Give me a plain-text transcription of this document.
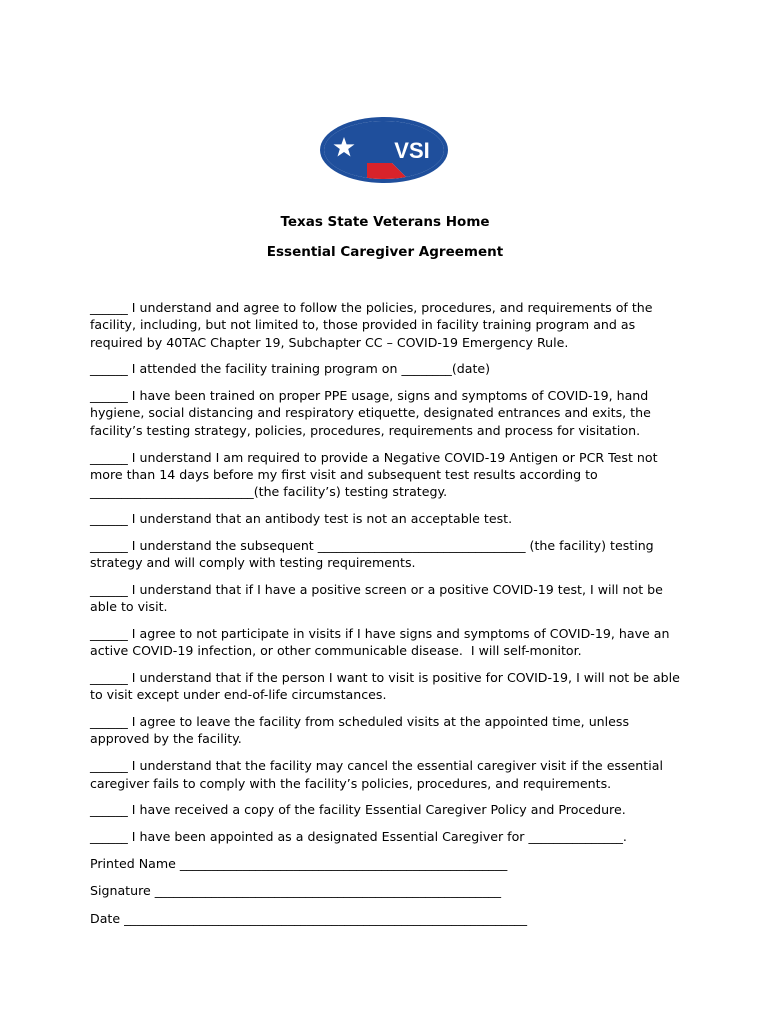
VSI
Texas State Veterans Home
Essential Caregiver Agreement

______ I understand and agree to follow the policies, procedures, and requirements of the facility, including, but not limited to, those provided in facility training program and as required by 40TAC Chapter 19, Subchapter CC – COVID-19 Emergency Rule.

______ I attended the facility training program on ________(date)

______ I have been trained on proper PPE usage, signs and symptoms of COVID-19, hand hygiene, social distancing and respiratory etiquette, designated entrances and exits, the facility’s testing strategy, policies, procedures, requirements and process for visitation.

______ I understand I am required to provide a Negative COVID-19 Antigen or PCR Test not more than 14 days before my first visit and subsequent test results according to __________________________(the facility’s) testing strategy.

______ I understand that an antibody test is not an acceptable test.

______ I understand the subsequent _________________________________ (the facility) testing strategy and will comply with testing requirements.

______ I understand that if I have a positive screen or a positive COVID-19 test, I will not be able to visit.

______ I agree to not participate in visits if I have signs and symptoms of COVID-19, have an active COVID-19 infection, or other communicable disease.  I will self-monitor.

______ I understand that if the person I want to visit is positive for COVID-19, I will not be able to visit except under end-of-life circumstances.

______ I agree to leave the facility from scheduled visits at the appointed time, unless approved by the facility.

______ I understand that the facility may cancel the essential caregiver visit if the essential caregiver fails to comply with the facility’s policies, procedures, and requirements.

______ I have received a copy of the facility Essential Caregiver Policy and Procedure.

______ I have been appointed as a designated Essential Caregiver for _______________.

Printed Name ____________________________________________________

Signature _______________________________________________________

Date ________________________________________________________________
